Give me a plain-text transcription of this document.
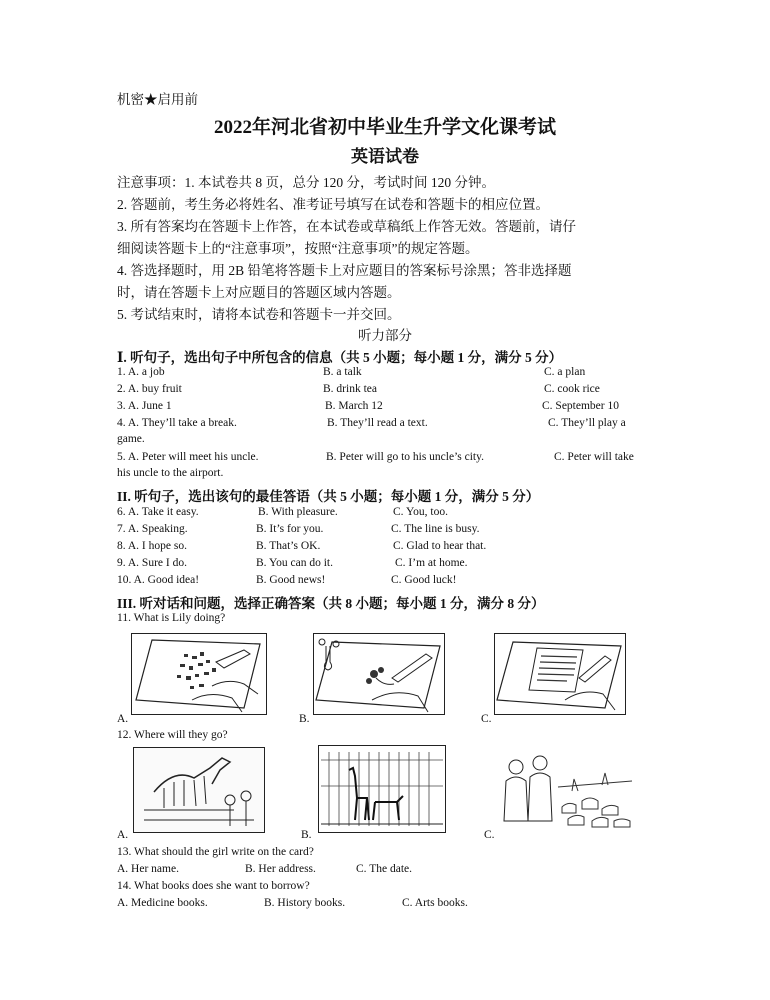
机密★启用前
2022年河北省初中毕业生升学文化课考试
英语试卷
注意事项：1. 本试卷共 8 页，总分 120 分，考试时间 120 分钟。
2. 答题前，考生务必将姓名、准考证号填写在试卷和答题卡的相应位置。
3. 所有答案均在答题卡上作答，在本试卷或草稿纸上作答无效。答题前，请仔
细阅读答题卡上的“注意事项”，按照“注意事项”的规定答题。
4. 答选择题时，用 2B 铅笔将答题卡上对应题目的答案标号涂黑；答非选择题
时，请在答题卡上对应题目的答题区域内答题。
5. 考试结束时，请将本试卷和答题卡一并交回。
听力部分
Ⅰ. 听句子，选出句子中所包含的信息（共 5 小题；每小题 1 分，满分 5 分）
1. A. a job	B. a talk	C. a plan
2. A. buy fruit	B. drink tea	C. cook rice
3. A. June 1	B. March 12	C. September 10
4. A. They’ll take a break.	B. They’ll read a text.	C. They’ll play a
game.
5. A. Peter will meet his uncle.	B. Peter will go to his uncle’s city.	C. Peter will take
his uncle to the airport.
II. 听句子，选出该句的最佳答语（共 5 小题；每小题 1 分，满分 5 分）
6. A. Take it easy.	B. With pleasure.	C. You, too.
7. A. Speaking.	B. It’s for you.	C. The line is busy.
8. A. I hope so.	B. That’s OK.	C. Glad to hear that.
9. A. Sure I do.	B. You can do it.	C. I’m at home.
10. A. Good idea!	B. Good news!	C. Good luck!
III. 听对话和问题，选择正确答案（共 8 小题；每小题 1 分，满分 8 分）
11. What is Lily doing?
A.	B.	C.
12. Where will they go?
A.	B.	C.
13. What should the girl write on the card?
A. Her name.	B. Her address.	C. The date.
14. What books does she want to borrow?
A. Medicine books.	B. History books.	C. Arts books.
